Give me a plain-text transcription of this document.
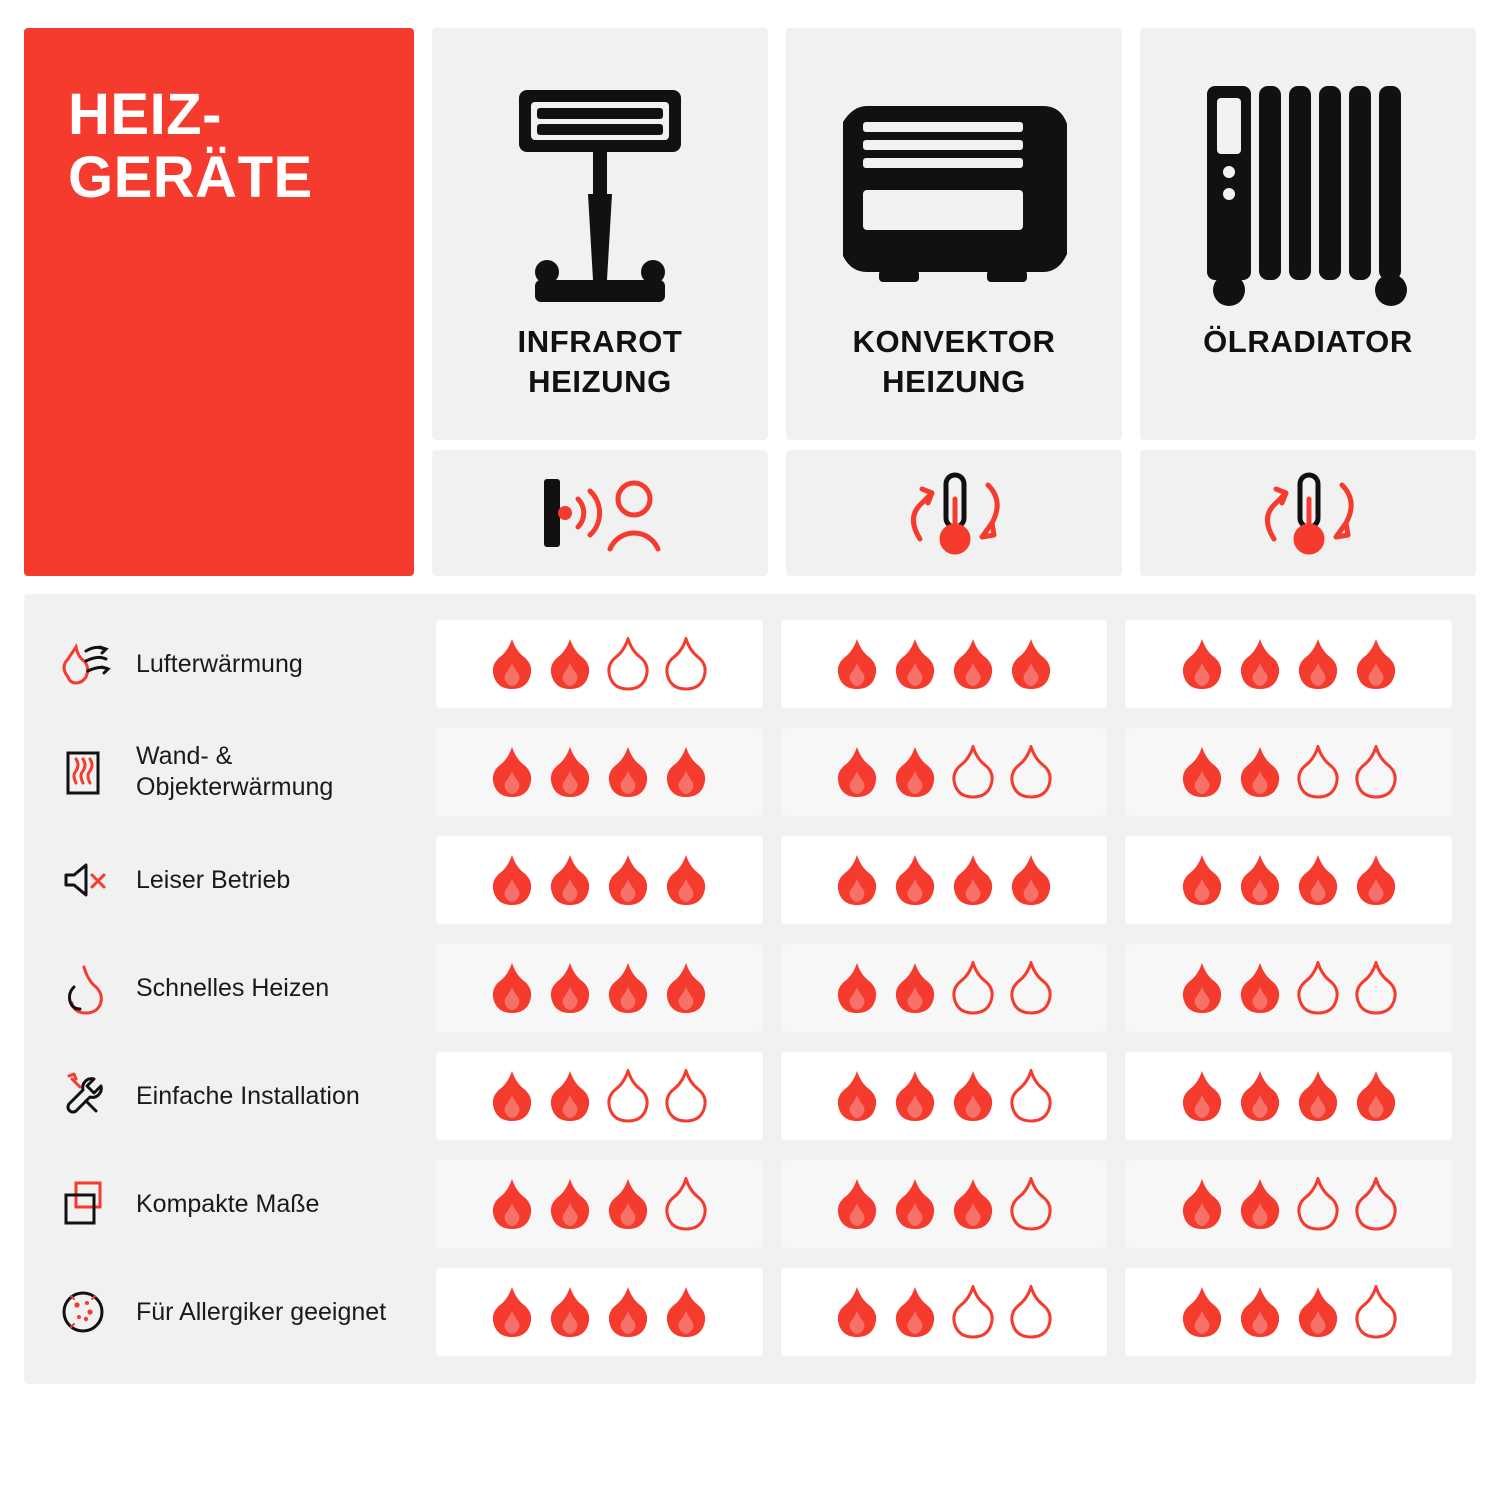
HEIZ-
GERÄTE
INFRAROT
HEIZUNG
KONVEKTOR
HEIZUNG
ÖLRADIATOR
Lufterwärmung
Wand- & Objekterwärmung
Leiser Betrieb
Schnelles Heizen
Einfache Installation
Kompakte Maße
Für Allergiker geeignet
